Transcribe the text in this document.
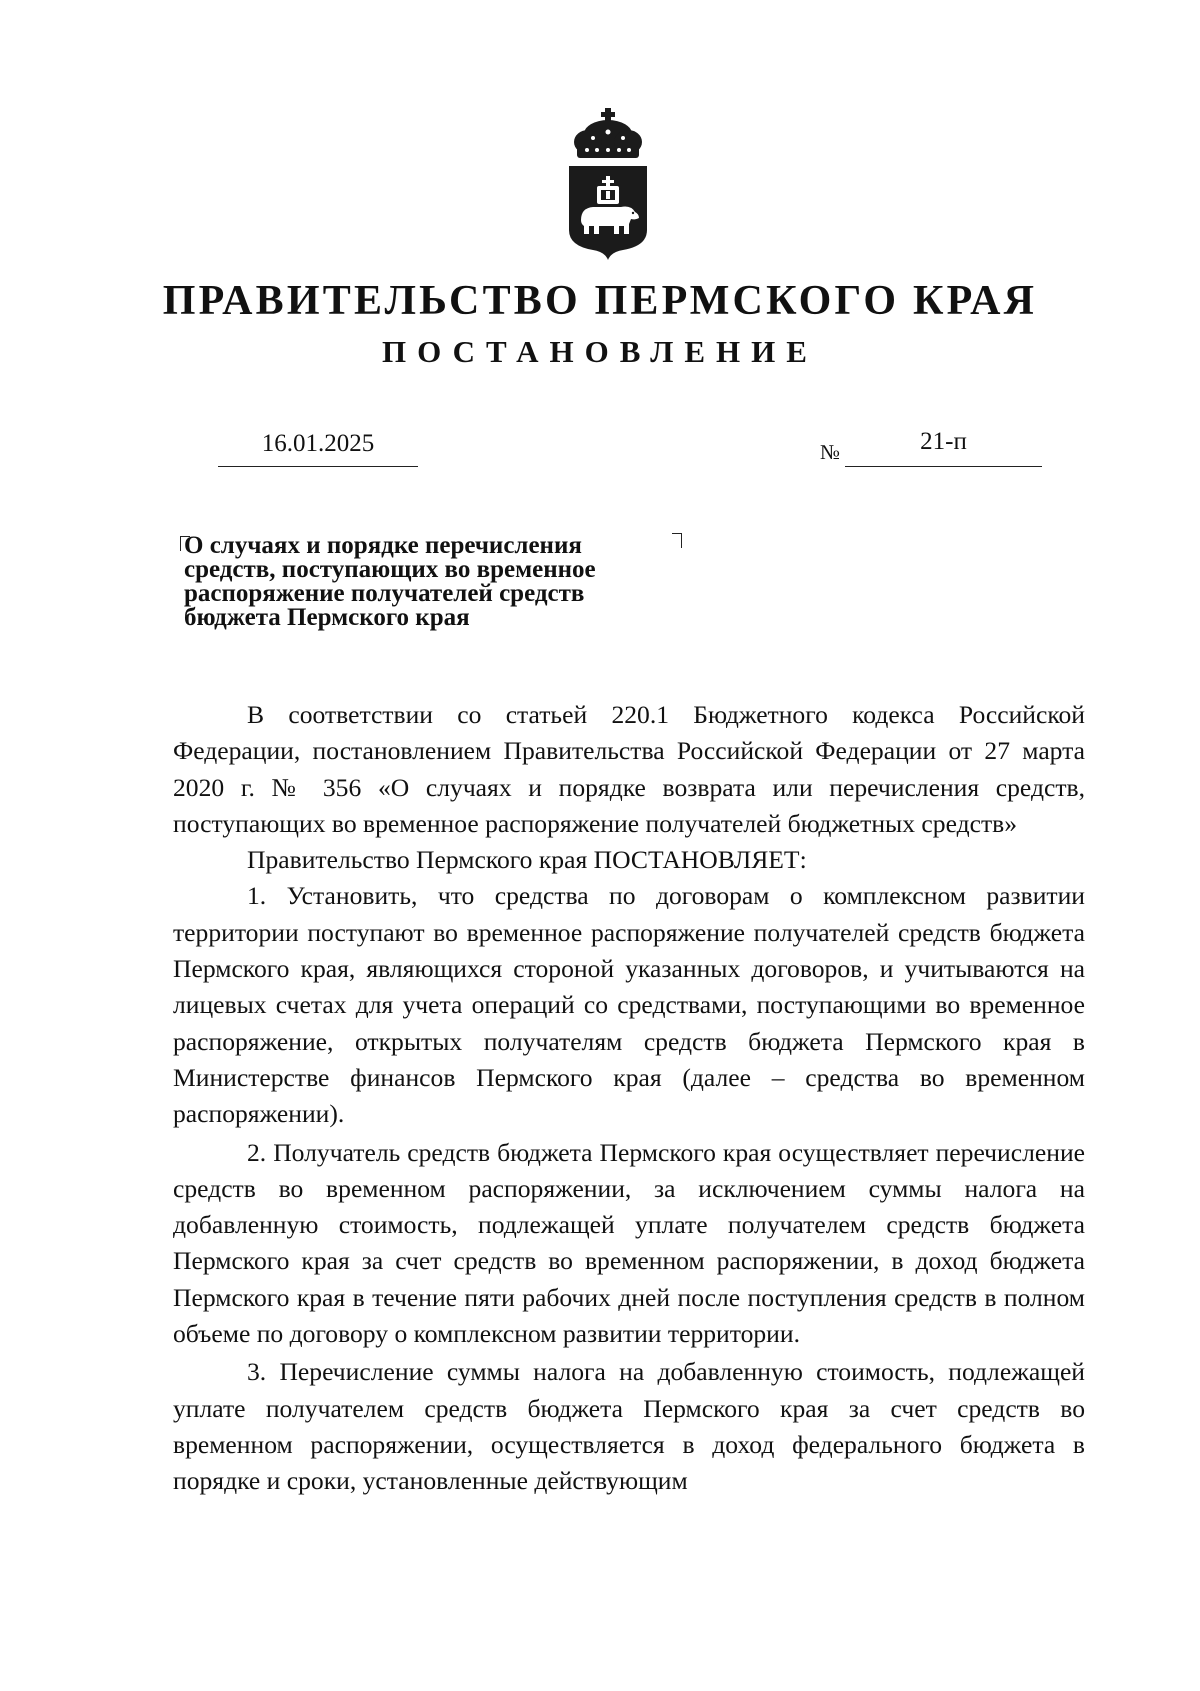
ПРАВИТЕЛЬСТВО ПЕРМСКОГО КРАЯ
ПОСТАНОВЛЕНИЕ
16.01.2025	№	21-п
О случаях и порядке перечисления
средств, поступающих во временное
распоряжение получателей средств
бюджета Пермского края

В соответствии со статьей 220.1 Бюджетного кодекса Российской Федерации, постановлением Правительства Российской Федерации от 27 марта 2020 г. № 356 «О случаях и порядке возврата или перечисления средств, поступающих во временное распоряжение получателей бюджетных средств»

Правительство Пермского края ПОСТАНОВЛЯЕТ:

1. Установить, что средства по договорам о комплексном развитии территории поступают во временное распоряжение получателей средств бюджета Пермского края, являющихся стороной указанных договоров, и учитываются на лицевых счетах для учета операций со средствами, поступающими во временное распоряжение, открытых получателям средств бюджета Пермского края в Министерстве финансов Пермского края (далее – средства во временном распоряжении).

2. Получатель средств бюджета Пермского края осуществляет перечисление средств во временном распоряжении, за исключением суммы налога на добавленную стоимость, подлежащей уплате получателем средств бюджета Пермского края за счет средств во временном распоряжении, в доход бюджета Пермского края в течение пяти рабочих дней после поступления средств в полном объеме по договору о комплексном развитии территории.

3. Перечисление суммы налога на добавленную стоимость, подлежащей уплате получателем средств бюджета Пермского края за счет средств во временном распоряжении, осуществляется в доход федерального бюджета в порядке и сроки, установленные действующим
